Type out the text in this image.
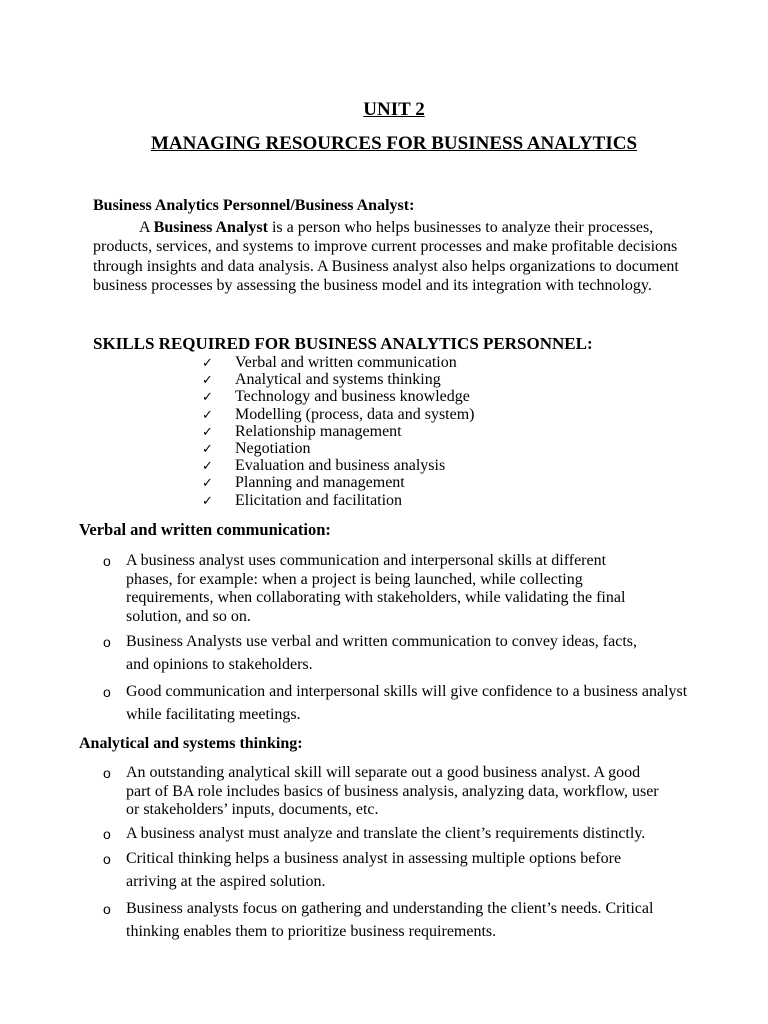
UNIT 2
MANAGING RESOURCES FOR BUSINESS ANALYTICS
Business Analytics Personnel/Business Analyst:
A Business Analyst is a person who helps businesses to analyze their processes, products, services, and systems to improve current processes and make profitable decisions through insights and data analysis. A Business analyst also helps organizations to document business processes by assessing the business model and its integration with technology.
SKILLS REQUIRED FOR BUSINESS ANALYTICS PERSONNEL:
✓ Verbal and written communication
✓ Analytical and systems thinking
✓ Technology and business knowledge
✓ Modelling (process, data and system)
✓ Relationship management
✓ Negotiation
✓ Evaluation and business analysis
✓ Planning and management
✓ Elicitation and facilitation
Verbal and written communication:
o A business analyst uses communication and interpersonal skills at different phases, for example: when a project is being launched, while collecting requirements, when collaborating with stakeholders, while validating the final solution, and so on.
o Business Analysts use verbal and written communication to convey ideas, facts, and opinions to stakeholders.
o Good communication and interpersonal skills will give confidence to a business analyst while facilitating meetings.
Analytical and systems thinking:
o An outstanding analytical skill will separate out a good business analyst. A good part of BA role includes basics of business analysis, analyzing data, workflow, user or stakeholders’ inputs, documents, etc.
o A business analyst must analyze and translate the client’s requirements distinctly.
o Critical thinking helps a business analyst in assessing multiple options before arriving at the aspired solution.
o Business analysts focus on gathering and understanding the client’s needs. Critical thinking enables them to prioritize business requirements.
